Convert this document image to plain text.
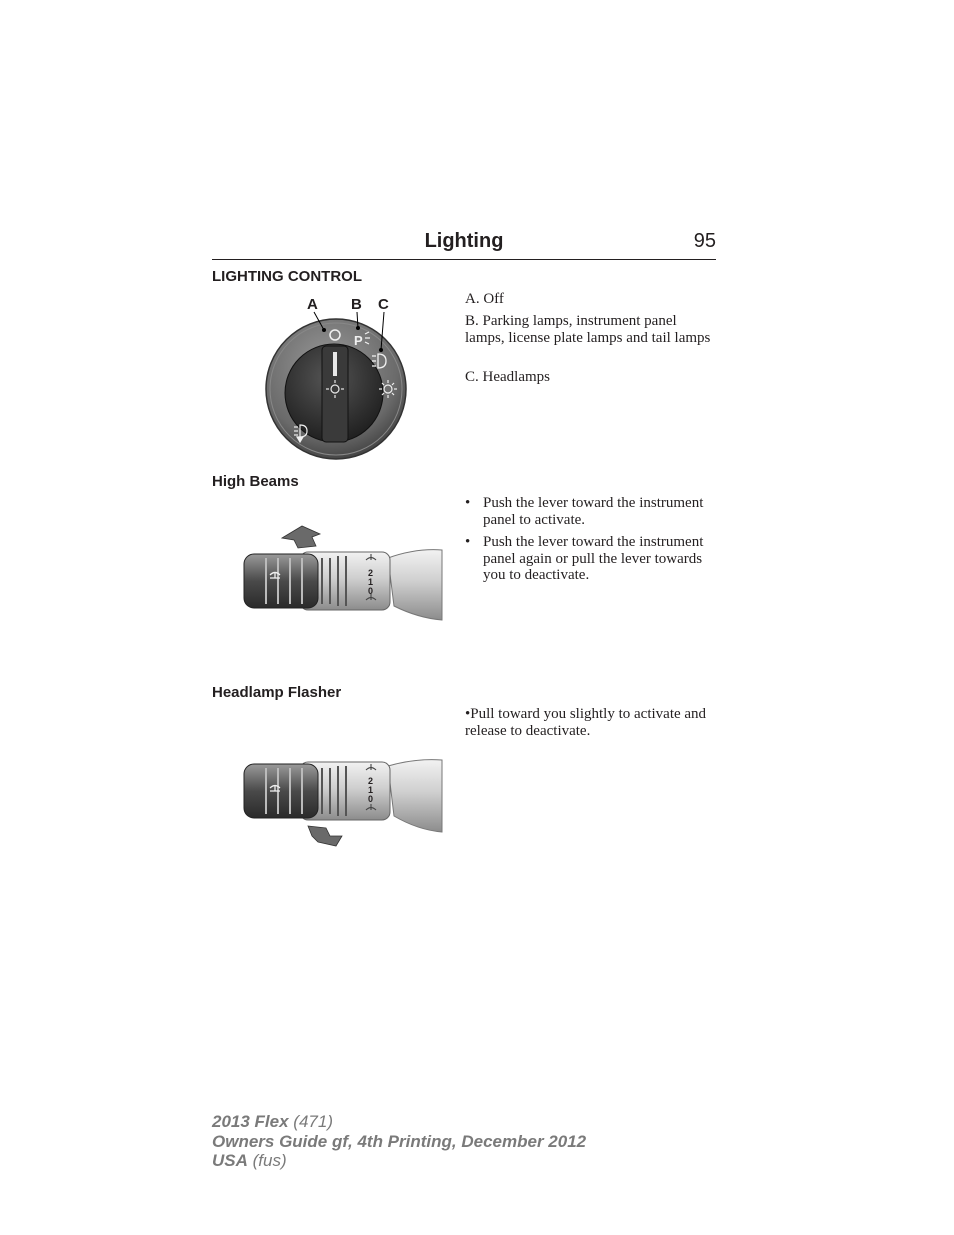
Lighting	95
LIGHTING CONTROL
P
A B C	A. Off
B. Parking lamps, instrument panel lamps, license plate lamps and tail lamps
C. Headlamps
High Beams
2
1
0
• Push the lever toward the instrument panel to activate.
• Push the lever toward the instrument panel again or pull the lever towards you to deactivate.
Headlamp Flasher
•Pull toward you slightly to activate and release to deactivate.
2
1
0
2013 Flex (471)
Owners Guide gf, 4th Printing, December 2012
USA (fus)
